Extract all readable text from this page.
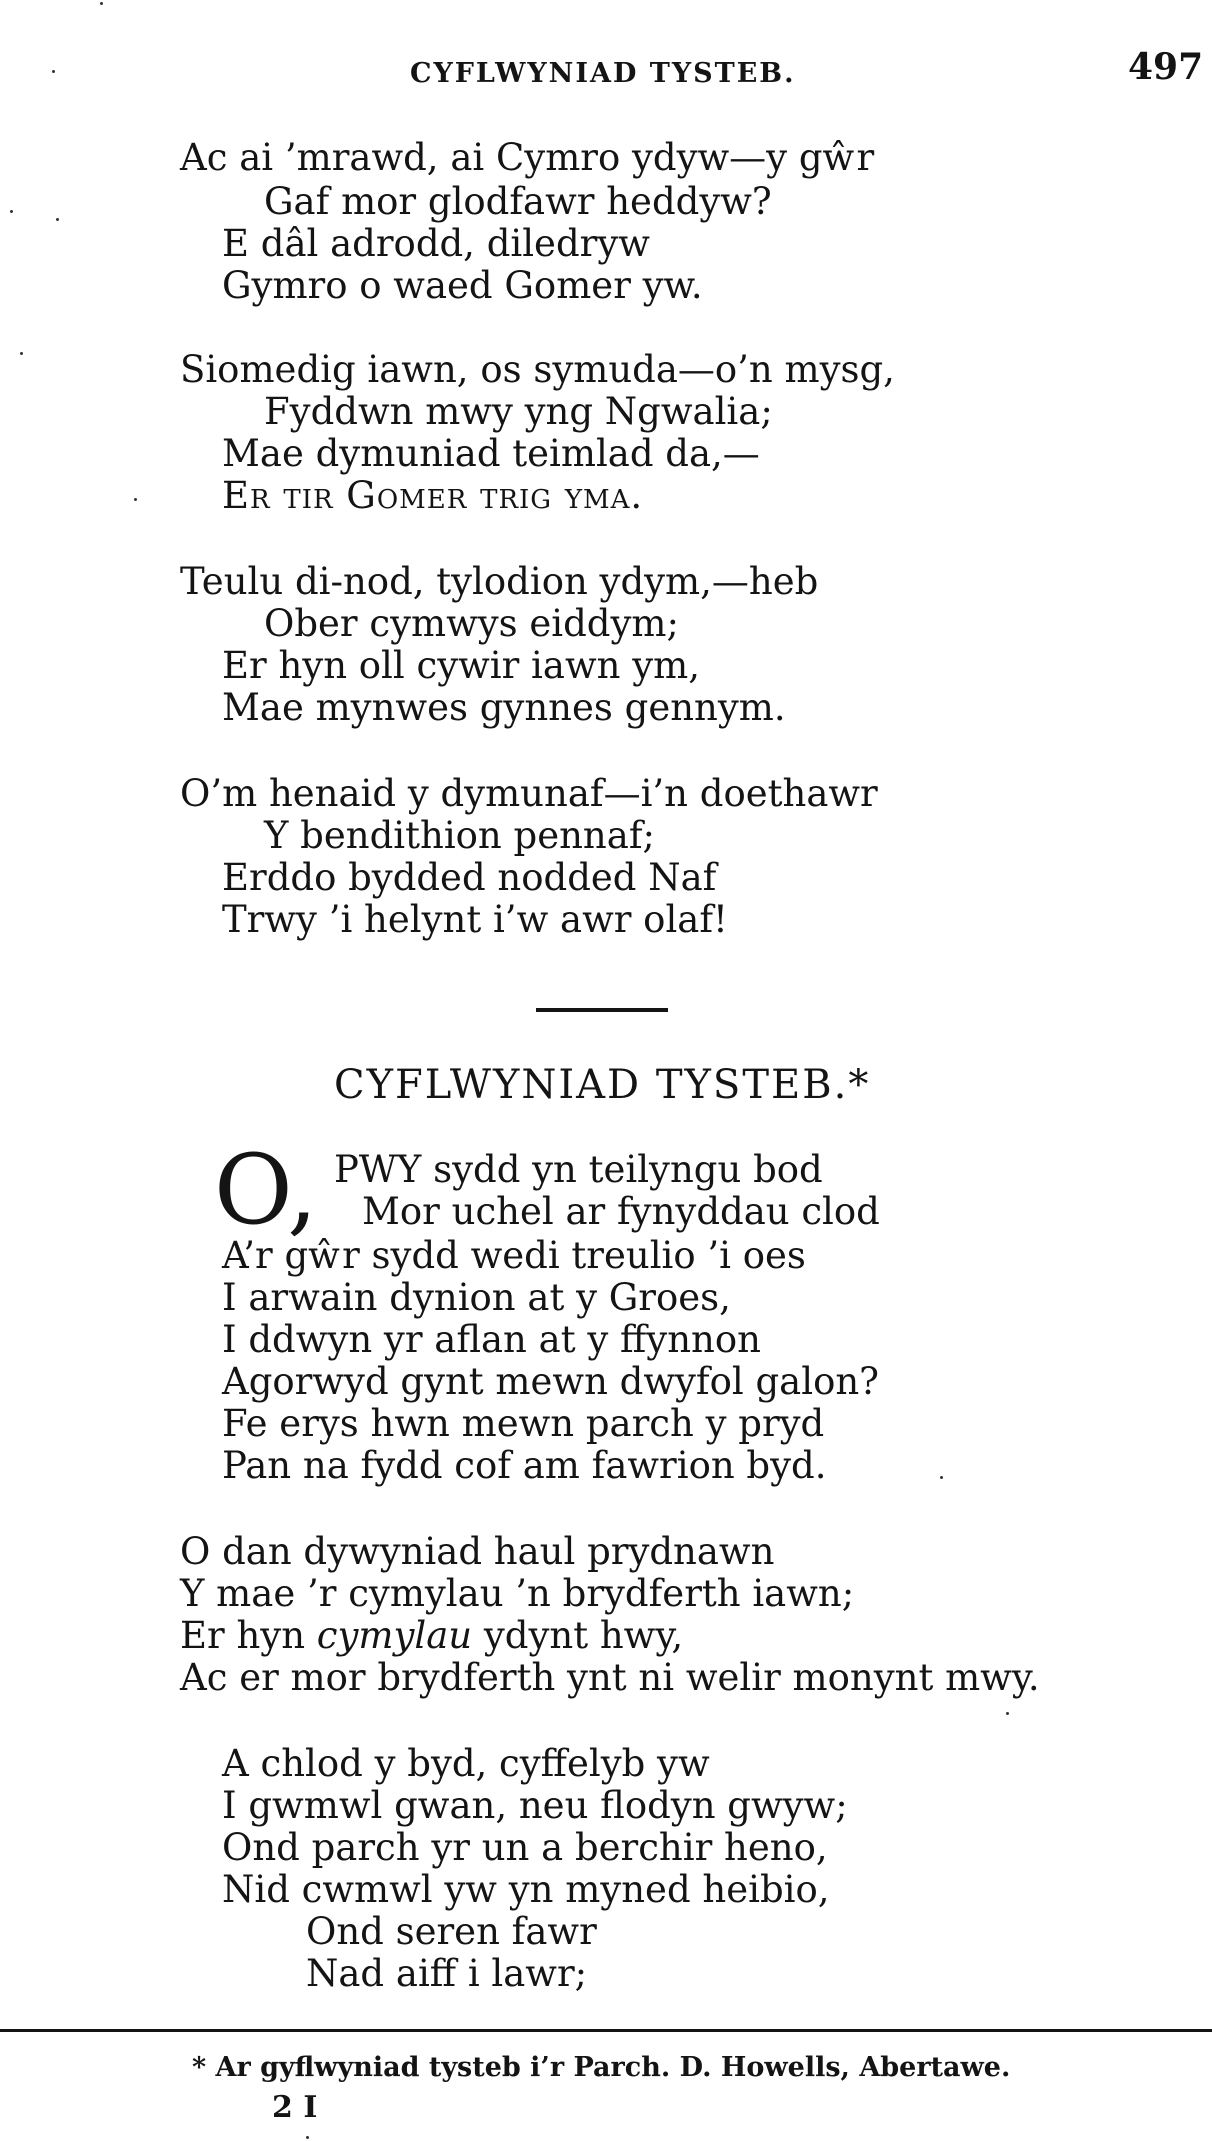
CYFLWYNIAD TYSTEB.	497
Ac ai ’mrawd, ai Cymro ydyw—y gŵr
Gaf mor glodfawr heddyw?
E dâl adrodd, diledryw
Gymro o waed Gomer yw.
Siomedig iawn, os symuda—o’n mysg,
Fyddwn mwy yng Ngwalia;
Mae dymuniad teimlad da,—
Er tir Gomer trig yma.
Teulu di-nod, tylodion ydym,—heb
Ober cymwys eiddym;
Er hyn oll cywir iawn ym,
Mae mynwes gynnes gennym.
O’m henaid y dymunaf—i’n doethawr
Y bendithion pennaf;
Erddo bydded nodded Naf
Trwy ’i helynt i’w awr olaf!
CYFLWYNIAD TYSTEB.*
O, PWY sydd yn teilyngu bod
Mor uchel ar fynyddau clod
A’r gŵr sydd wedi treulio ’i oes
I arwain dynion at y Groes,
I ddwyn yr aflan at y ffynnon
Agorwyd gynt mewn dwyfol galon?
Fe erys hwn mewn parch y pryd
Pan na fydd cof am fawrion byd.
O dan dywyniad haul prydnawn
Y mae ’r cymylau ’n brydferth iawn;
Er hyn cymylau ydynt hwy,
Ac er mor brydferth ynt ni welir monynt mwy.
A chlod y byd, cyffelyb yw
I gwmwl gwan, neu flodyn gwyw;
Ond parch yr un a berchir heno,
Nid cwmwl yw yn myned heibio,
Ond seren fawr
Nad aiff i lawr;
* Ar gyflwyniad tysteb i’r Parch. D. Howells, Abertawe.
2 I
